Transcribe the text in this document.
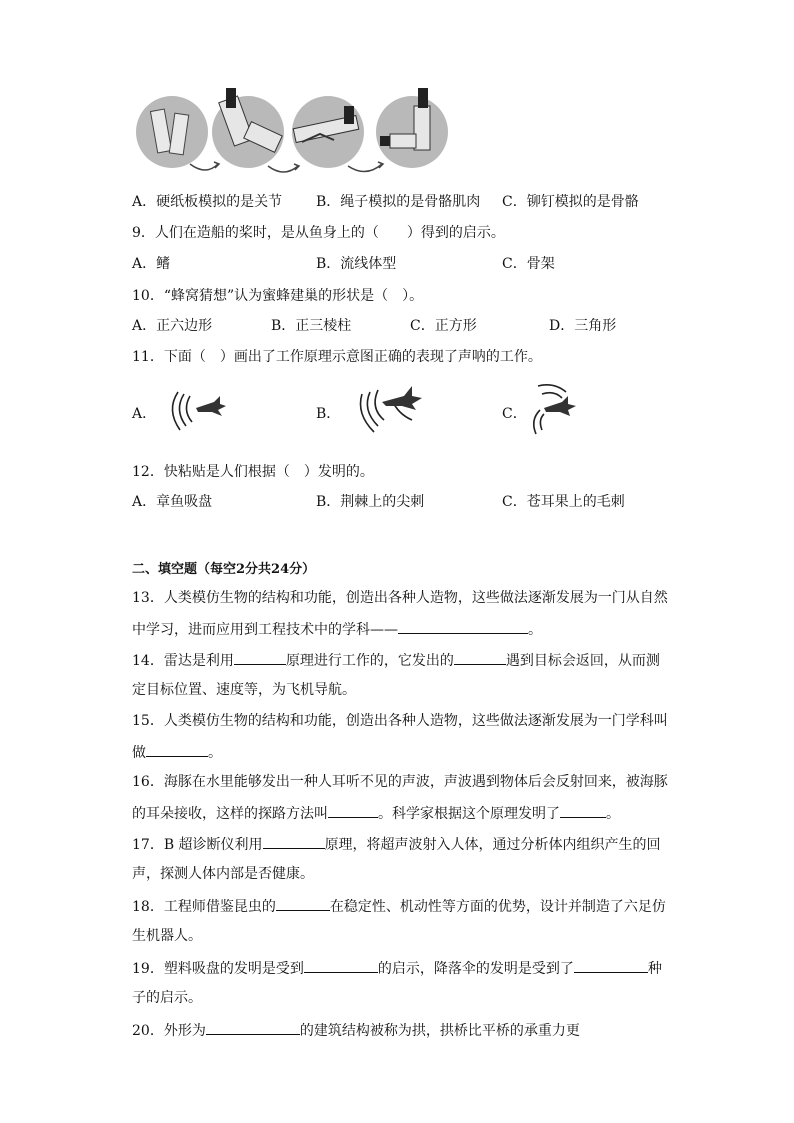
A．硬纸板模拟的是关节 B．绳子模拟的是骨骼肌肉 C．铆钉模拟的是骨骼
9．人们在造船的桨时，是从鱼身上的（　　）得到的启示。
A．鳍	B．流线体型	C．骨架
10．“蜂窝猜想”认为蜜蜂建巢的形状是（　）。
A．正六边形	B．正三棱柱	C．正方形	D．三角形
11．下面（　）画出了工作原理示意图正确的表现了声呐的工作。
A．	B．	C．
12．快粘贴是人们根据（　）发明的。
A．章鱼吸盘	B．荆棘上的尖刺	C．苍耳果上的毛刺
二、填空题（每空2分共24分）
13．人类模仿生物的结构和功能，创造出各种人造物，这些做法逐渐发展为一门从自然
中学习，进而应用到工程技术中的学科——	。
14．雷达是利用	原理进行工作的，它发出的	遇到目标会返回，从而测
定目标位置、速度等，为飞机导航。
15．人类模仿生物的结构和功能，创造出各种人造物，这些做法逐渐发展为一门学科叫
做	。
16．海豚在水里能够发出一种人耳听不见的声波，声波遇到物体后会反射回来，被海豚
的耳朵接收，这样的探路方法叫	。科学家根据这个原理发明了	。
17．B 超诊断仪利用	原理，将超声波射入人体，通过分析体内组织产生的回
声，探测人体内部是否健康。
18．工程师借鉴昆虫的	在稳定性、机动性等方面的优势，设计并制造了六足仿
生机器人。
19．塑料吸盘的发明是受到	的启示，降落伞的发明是受到了	种
子的启示。
20．外形为	的建筑结构被称为拱，拱桥比平桥的承重力更
